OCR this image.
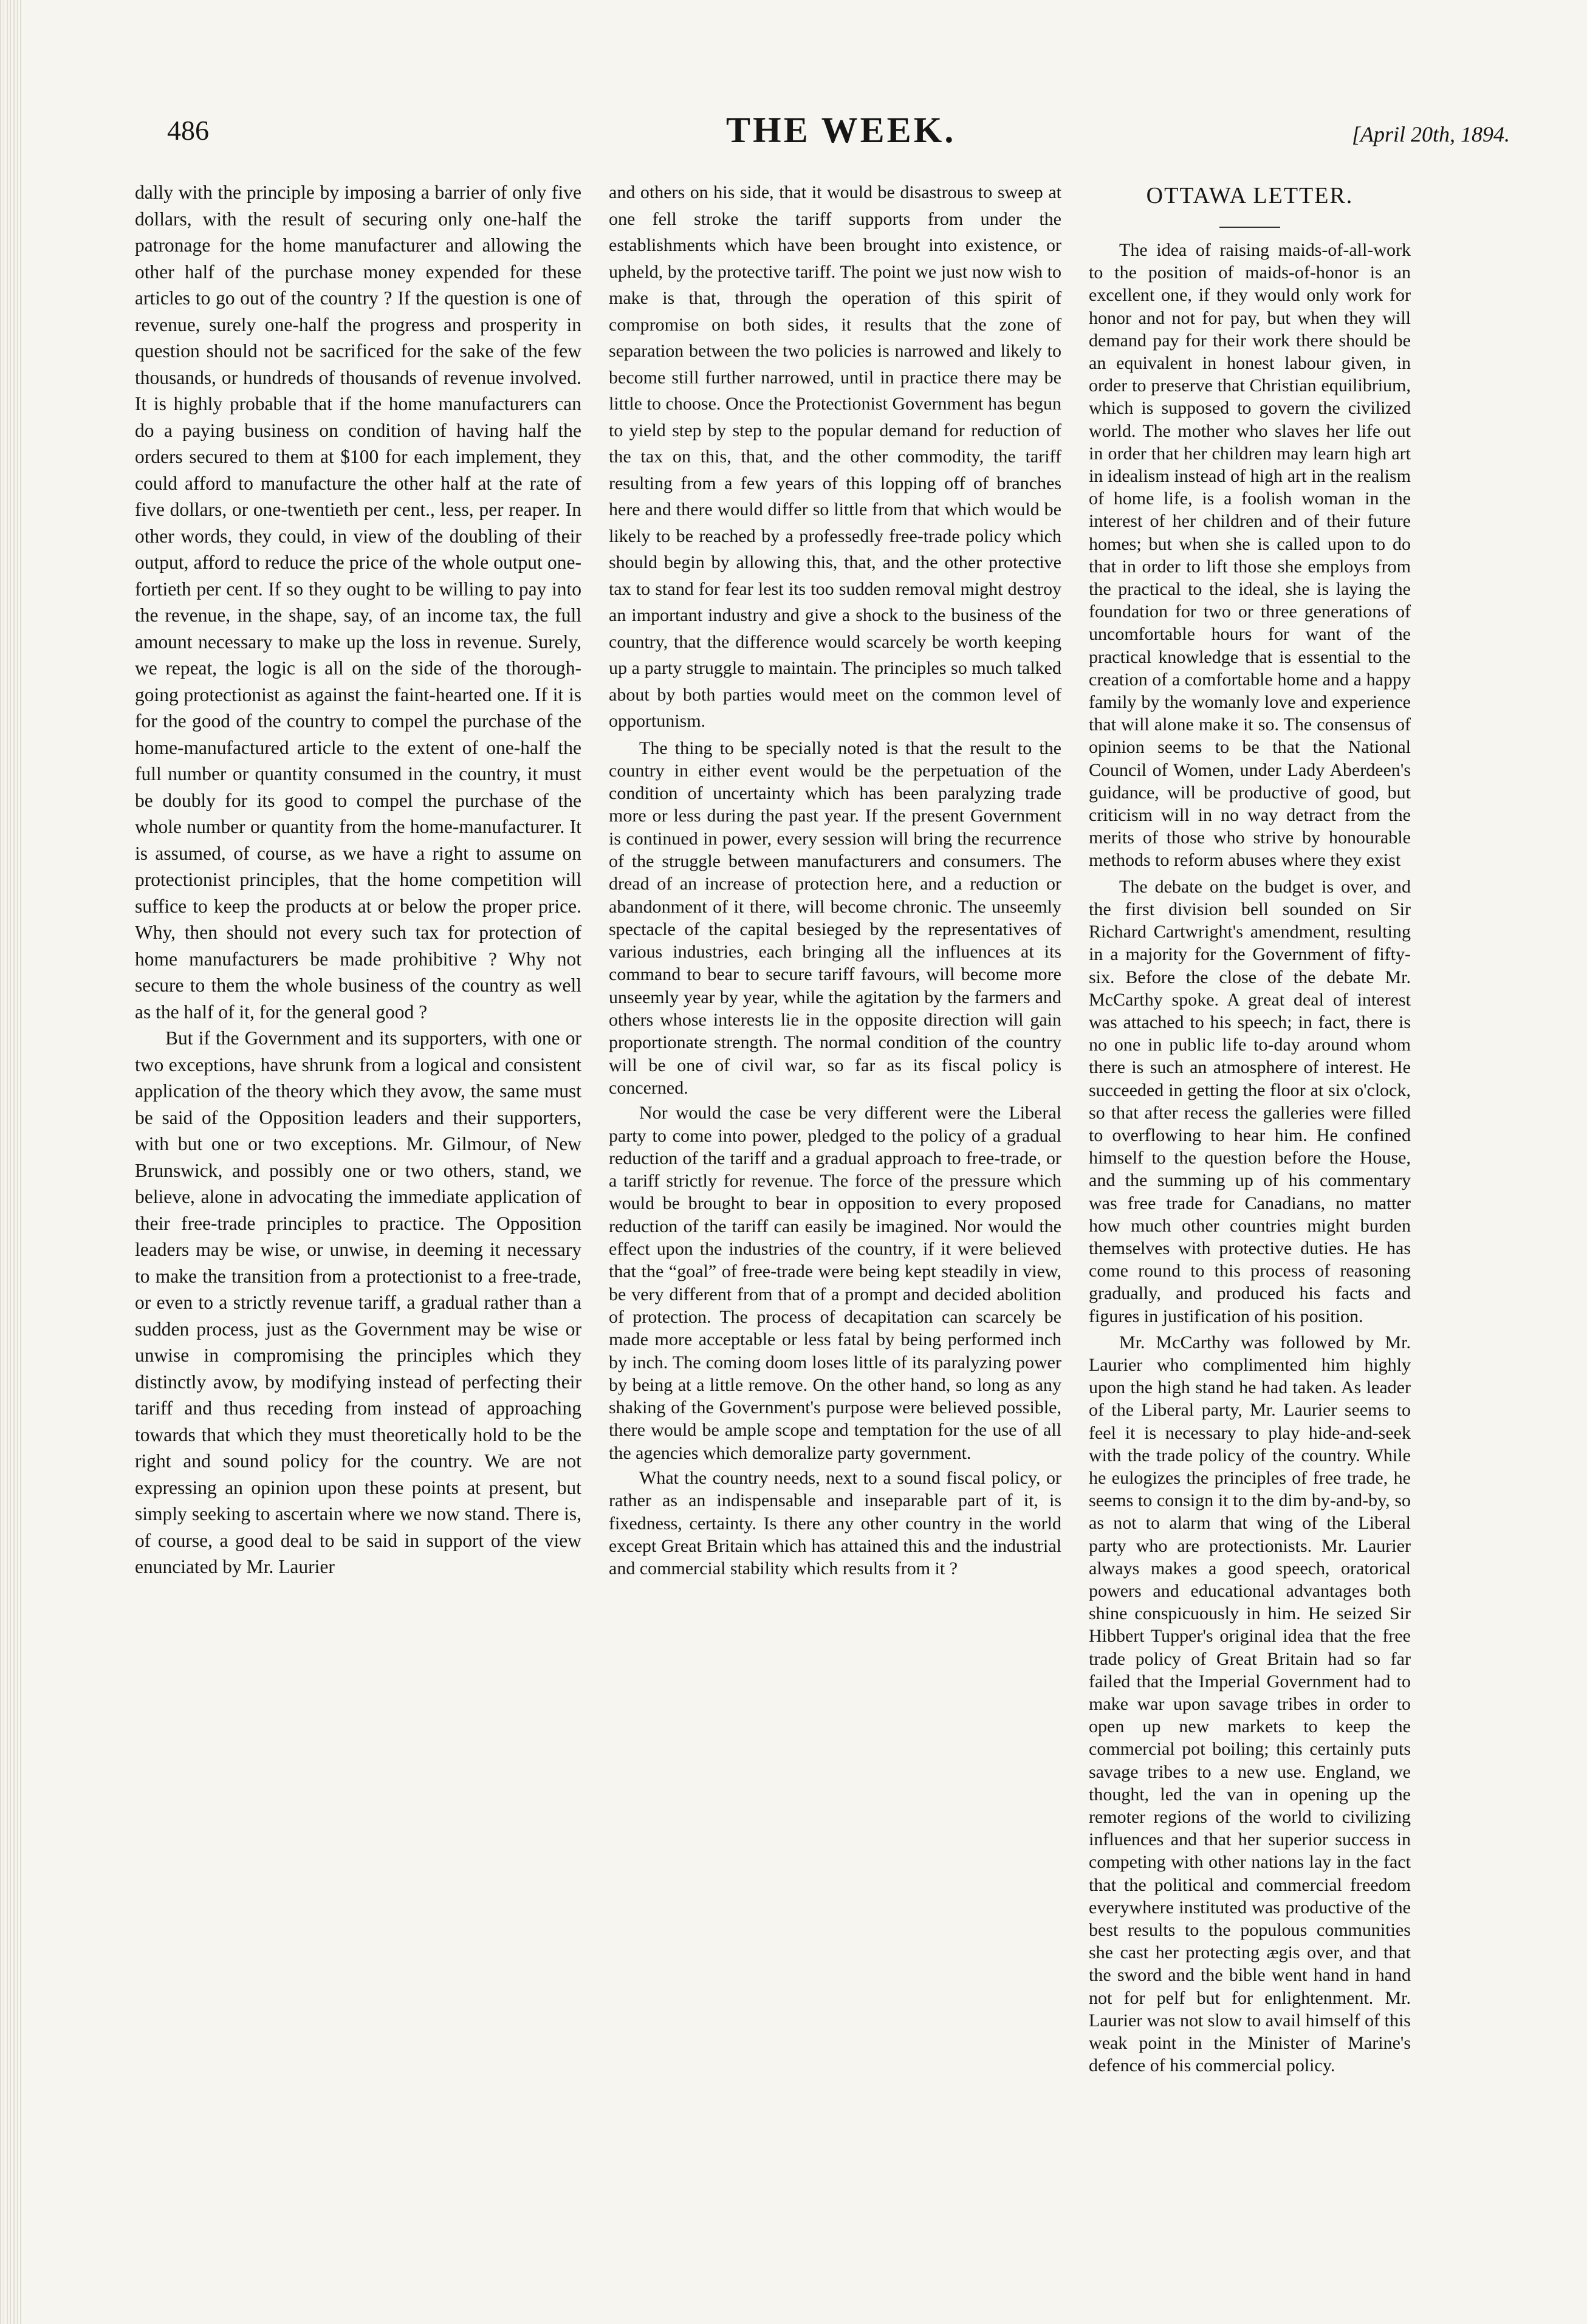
486	THE WEEK.	[April 20th, 1894.

dally with the principle by imposing a barrier of only five dollars, with the result of securing only one-half the patronage for the home manufacturer and allowing the other half of the purchase money expended for these articles to go out of the country ? If the question is one of revenue, surely one-half the progress and prosperity in question should not be sacrificed for the sake of the few thousands, or hundreds of thousands of revenue involved. It is highly probable that if the home manufacturers can do a paying business on condition of having half the orders secured to them at $100 for each implement, they could afford to manufacture the other half at the rate of five dollars, or one-twentieth per cent., less, per reaper. In other words, they could, in view of the doubling of their output, afford to reduce the price of the whole output one-fortieth per cent. If so they ought to be willing to pay into the revenue, in the shape, say, of an income tax, the full amount necessary to make up the loss in revenue. Surely, we repeat, the logic is all on the side of the thorough-going protectionist as against the faint-hearted one. If it is for the good of the country to compel the purchase of the home-manufactured article to the extent of one-half the full number or quantity consumed in the country, it must be doubly for its good to compel the purchase of the whole number or quantity from the home-manufacturer. It is assumed, of course, as we have a right to assume on protectionist principles, that the home competition will suffice to keep the products at or below the proper price. Why, then should not every such tax for protection of home manufacturers be made prohibitive ? Why not secure to them the whole business of the country as well as the half of it, for the general good ?

But if the Government and its supporters, with one or two exceptions, have shrunk from a logical and consistent application of the theory which they avow, the same must be said of the Opposition leaders and their supporters, with but one or two exceptions. Mr. Gilmour, of New Brunswick, and possibly one or two others, stand, we believe, alone in advocating the immediate application of their free-trade principles to practice. The Opposition leaders may be wise, or unwise, in deeming it necessary to make the transition from a protectionist to a free-trade, or even to a strictly revenue tariff, a gradual rather than a sudden process, just as the Government may be wise or unwise in compromising the principles which they distinctly avow, by modifying instead of perfecting their tariff and thus receding from instead of approaching towards that which they must theoretically hold to be the right and sound policy for the country. We are not expressing an opinion upon these points at present, but simply seeking to ascertain where we now stand. There is, of course, a good deal to be said in support of the view enunciated by Mr. Laurier

and others on his side, that it would be disastrous to sweep at one fell stroke the tariff supports from under the establishments which have been brought into existence, or upheld, by the protective tariff. The point we just now wish to make is that, through the operation of this spirit of compromise on both sides, it results that the zone of separation between the two policies is narrowed and likely to become still further narrowed, until in practice there may be little to choose. Once the Protectionist Government has begun to yield step by step to the popular demand for reduction of the tax on this, that, and the other commodity, the tariff resulting from a few years of this lopping off of branches here and there would differ so little from that which would be likely to be reached by a professedly free-trade policy which should begin by allowing this, that, and the other protective tax to stand for fear lest its too sudden removal might destroy an important industry and give a shock to the business of the country, that the difference would scarcely be worth keeping up a party struggle to maintain. The principles so much talked about by both parties would meet on the common level of opportunism.

The thing to be specially noted is that the result to the country in either event would be the perpetuation of the condition of uncertainty which has been paralyzing trade more or less during the past year. If the present Government is continued in power, every session will bring the recurrence of the struggle between manufacturers and consumers. The dread of an increase of protection here, and a reduction or abandonment of it there, will become chronic. The unseemly spectacle of the capital besieged by the representatives of various industries, each bringing all the influences at its command to bear to secure tariff favours, will become more unseemly year by year, while the agitation by the farmers and others whose interests lie in the opposite direction will gain proportionate strength. The normal condition of the country will be one of civil war, so far as its fiscal policy is concerned.

Nor would the case be very different were the Liberal party to come into power, pledged to the policy of a gradual reduction of the tariff and a gradual approach to free-trade, or a tariff strictly for revenue. The force of the pressure which would be brought to bear in opposition to every proposed reduction of the tariff can easily be imagined. Nor would the effect upon the industries of the country, if it were believed that the “goal” of free-trade were being kept steadily in view, be very different from that of a prompt and decided abolition of protection. The process of decapitation can scarcely be made more acceptable or less fatal by being performed inch by inch. The coming doom loses little of its paralyzing power by being at a little remove. On the other hand, so long as any shaking of the Government's purpose were believed possible, there would be ample scope and temptation for the use of all the agencies which demoralize party government.

What the country needs, next to a sound fiscal policy, or rather as an indispensable and inseparable part of it, is fixedness, certainty. Is there any other country in the world except Great Britain which has attained this and the industrial and commercial stability which results from it ?

OTTAWA LETTER.

The idea of raising maids-of-all-work to the position of maids-of-honor is an excellent one, if they would only work for honor and not for pay, but when they will demand pay for their work there should be an equivalent in honest labour given, in order to preserve that Christian equilibrium, which is supposed to govern the civilized world. The mother who slaves her life out in order that her children may learn high art in idealism instead of high art in the realism of home life, is a foolish woman in the interest of her children and of their future homes; but when she is called upon to do that in order to lift those she employs from the practical to the ideal, she is laying the foundation for two or three generations of uncomfortable hours for want of the practical knowledge that is essential to the creation of a comfortable home and a happy family by the womanly love and experience that will alone make it so. The consensus of opinion seems to be that the National Council of Women, under Lady Aberdeen's guidance, will be productive of good, but criticism will in no way detract from the merits of those who strive by honourable methods to reform abuses where they exist

The debate on the budget is over, and the first division bell sounded on Sir Richard Cartwright's amendment, resulting in a majority for the Government of fifty-six. Before the close of the debate Mr. McCarthy spoke. A great deal of interest was attached to his speech; in fact, there is no one in public life to-day around whom there is such an atmosphere of interest. He succeeded in getting the floor at six o'clock, so that after recess the galleries were filled to overflowing to hear him. He confined himself to the question before the House, and the summing up of his commentary was free trade for Canadians, no matter how much other countries might burden themselves with protective duties. He has come round to this process of reasoning gradually, and produced his facts and figures in justification of his position.

Mr. McCarthy was followed by Mr. Laurier who complimented him highly upon the high stand he had taken. As leader of the Liberal party, Mr. Laurier seems to feel it is necessary to play hide-and-seek with the trade policy of the country. While he eulogizes the principles of free trade, he seems to consign it to the dim by-and-by, so as not to alarm that wing of the Liberal party who are protectionists. Mr. Laurier always makes a good speech, oratorical powers and educational advantages both shine conspicuously in him. He seized Sir Hibbert Tupper's original idea that the free trade policy of Great Britain had so far failed that the Imperial Government had to make war upon savage tribes in order to open up new markets to keep the commercial pot boiling; this certainly puts savage tribes to a new use. England, we thought, led the van in opening up the remoter regions of the world to civilizing influences and that her superior success in competing with other nations lay in the fact that the political and commercial freedom everywhere instituted was productive of the best results to the populous communities she cast her protecting ægis over, and that the sword and the bible went hand in hand not for pelf but for enlightenment. Mr. Laurier was not slow to avail himself of this weak point in the Minister of Marine's defence of his commercial policy.
